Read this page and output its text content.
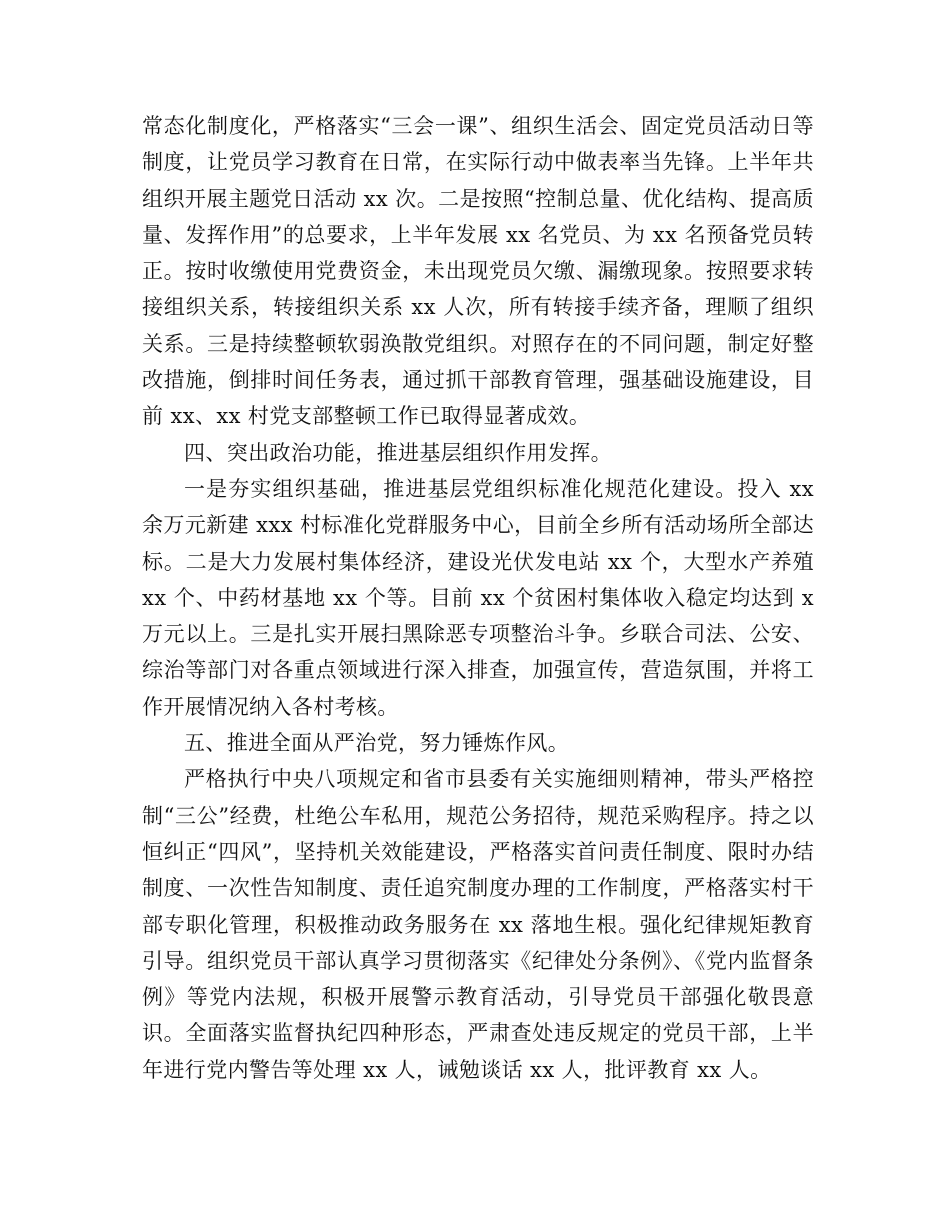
常态化制度化，严格落实“三会一课”、组织生活会、固定党员活动日等制度，让党员学习教育在日常，在实际行动中做表率当先锋。上半年共组织开展主题党日活动 xx 次。二是按照“控制总量、优化结构、提高质量、发挥作用”的总要求，上半年发展 xx 名党员、为 xx 名预备党员转正。按时收缴使用党费资金，未出现党员欠缴、漏缴现象。按照要求转接组织关系，转接组织关系 xx 人次，所有转接手续齐备，理顺了组织关系。三是持续整顿软弱涣散党组织。对照存在的不同问题，制定好整改措施，倒排时间任务表，通过抓干部教育管理，强基础设施建设，目前 xx、xx 村党支部整顿工作已取得显著成效。

四、突出政治功能，推进基层组织作用发挥。

一是夯实组织基础，推进基层党组织标准化规范化建设。投入 xx 余万元新建 xxx 村标准化党群服务中心，目前全乡所有活动场所全部达标。二是大力发展村集体经济，建设光伏发电站 xx 个，大型水产养殖 xx 个、中药材基地 xx 个等。目前 xx 个贫困村集体收入稳定均达到 x 万元以上。三是扎实开展扫黑除恶专项整治斗争。乡联合司法、公安、综治等部门对各重点领域进行深入排查，加强宣传，营造氛围，并将工作开展情况纳入各村考核。

五、推进全面从严治党，努力锤炼作风。

严格执行中央八项规定和省市县委有关实施细则精神，带头严格控制“三公”经费，杜绝公车私用，规范公务招待，规范采购程序。持之以恒纠正“四风”，坚持机关效能建设，严格落实首问责任制度、限时办结制度、一次性告知制度、责任追究制度办理的工作制度，严格落实村干部专职化管理，积极推动政务服务在 xx 落地生根。强化纪律规矩教育引导。组织党员干部认真学习贯彻落实《纪律处分条例》、《党内监督条例》等党内法规，积极开展警示教育活动，引导党员干部强化敬畏意识。全面落实监督执纪四种形态，严肃查处违反规定的党员干部，上半年进行党内警告等处理 xx 人，诫勉谈话 xx 人，批评教育 xx 人。
